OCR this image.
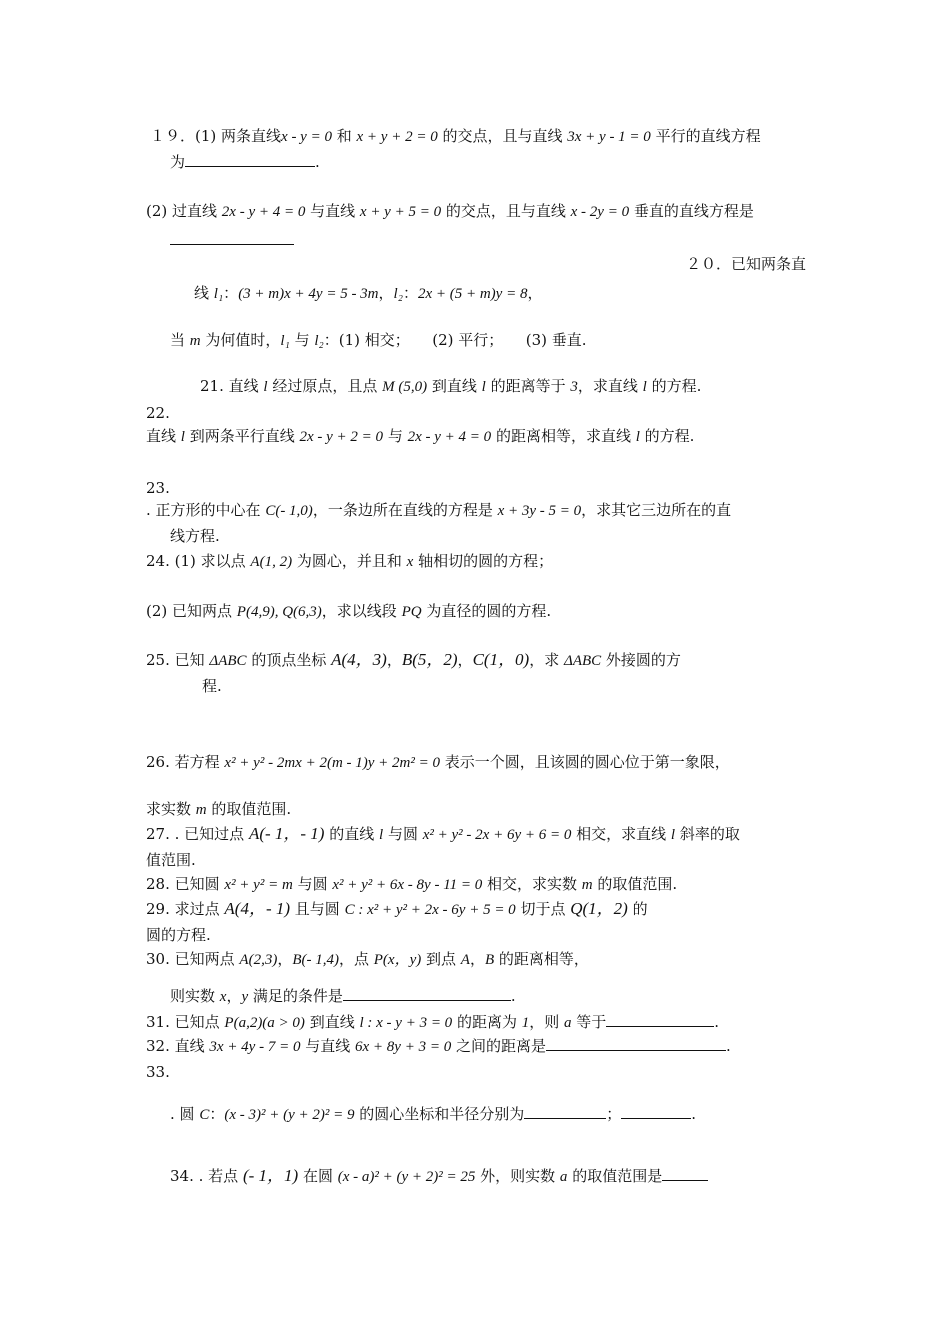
１９．(1) 两条直线x - y = 0 和 x + y + 2 = 0 的交点，且与直线 3x + y - 1 = 0 平行的直线方程
为	.
(2) 过直线 2x - y + 4 = 0 与直线 x + y + 5 = 0 的交点，且与直线 x - 2y = 0 垂直的直线方程是
２０．已知两条直
线 l₁：(3 + m)x + 4y = 5 - 3m，l₂：2x + (5 + m)y = 8，
当 m 为何值时，l₁ 与 l₂：(1) 相交；　　(2) 平行；　　(3) 垂直.
21. 直线 l 经过原点，且点 M (5,0) 到直线 l 的距离等于 3，求直线 l 的方程.
22.
直线 l 到两条平行直线 2x - y + 2 = 0 与 2x - y + 4 = 0 的距离相等，求直线 l 的方程.
23.
. 正方形的中心在 C(- 1,0)，一条边所在直线的方程是 x + 3y - 5 = 0，求其它三边所在的直
线方程.
24. (1) 求以点 A(1, 2) 为圆心，并且和 x 轴相切的圆的方程；
(2) 已知两点 P(4,9), Q(6,3)，求以线段 PQ 为直径的圆的方程.
25. 已知 ΔABC 的顶点坐标 A(4，3)，B(5，2)，C(1，0)，求 ΔABC 外接圆的方
程.
26. 若方程 x² + y² - 2mx + 2(m - 1)y + 2m² = 0 表示一个圆，且该圆的圆心位于第一象限，
求实数 m 的取值范围.
27. . 已知过点 A(- 1，- 1) 的直线 l 与圆 x² + y² - 2x + 6y + 6 = 0 相交，求直线 l 斜率的取
值范围.
28. 已知圆 x² + y² = m 与圆 x² + y² + 6x - 8y - 11 = 0 相交，求实数 m 的取值范围.
29. 求过点 A(4，- 1) 且与圆 C : x² + y² + 2x - 6y + 5 = 0 切于点 Q(1，2) 的
圆的方程.
30. 已知两点 A(2,3)，B(- 1,4)，点 P(x，y) 到点 A，B 的距离相等，
则实数 x，y 满足的条件是	.
31. 已知点 P(a,2)(a > 0) 到直线 l : x - y + 3 = 0 的距离为 1，则 a 等于	.
32. 直线 3x + 4y - 7 = 0 与直线 6x + 8y + 3 = 0 之间的距离是	.
33.
. 圆 C：(x - 3)² + (y + 2)² = 9 的圆心坐标和半径分别为	；	.
34. . 若点 (- 1，1) 在圆 (x - a)² + (y + 2)² = 25 外，则实数 a 的取值范围是
